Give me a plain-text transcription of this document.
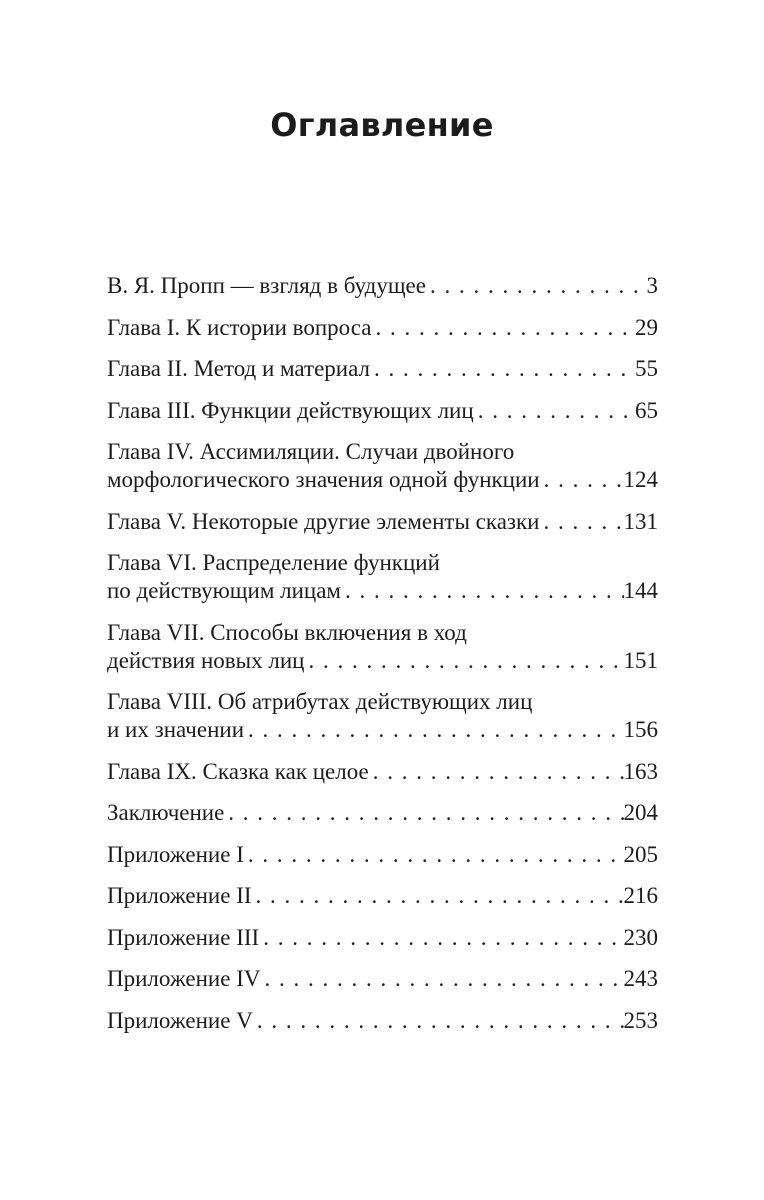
Оглавление
В. Я. Пропп — взгляд в будущее . . .	3
Глава I. К истории вопроса . . .	29
Глава II. Метод и материал . . .	55
Глава III. Функции действующих лиц . . .	65
Глава IV. Ассимиляции. Случаи двойного
морфологического значения одной функции . . .	124
Глава V. Некоторые другие элементы сказки . . .	131
Глава VI. Распределение функций
по действующим лицам . . .	144
Глава VII. Способы включения в ход
действия новых лиц . . .	151
Глава VIII. Об атрибутах действующих лиц
и их значении . . .	156
Глава IX. Сказка как целое . . .	163
Заключение . . .	204
Приложение I . . .	205
Приложение II . . .	216
Приложение III . . .	230
Приложение IV . . .	243
Приложение V . . .	253
